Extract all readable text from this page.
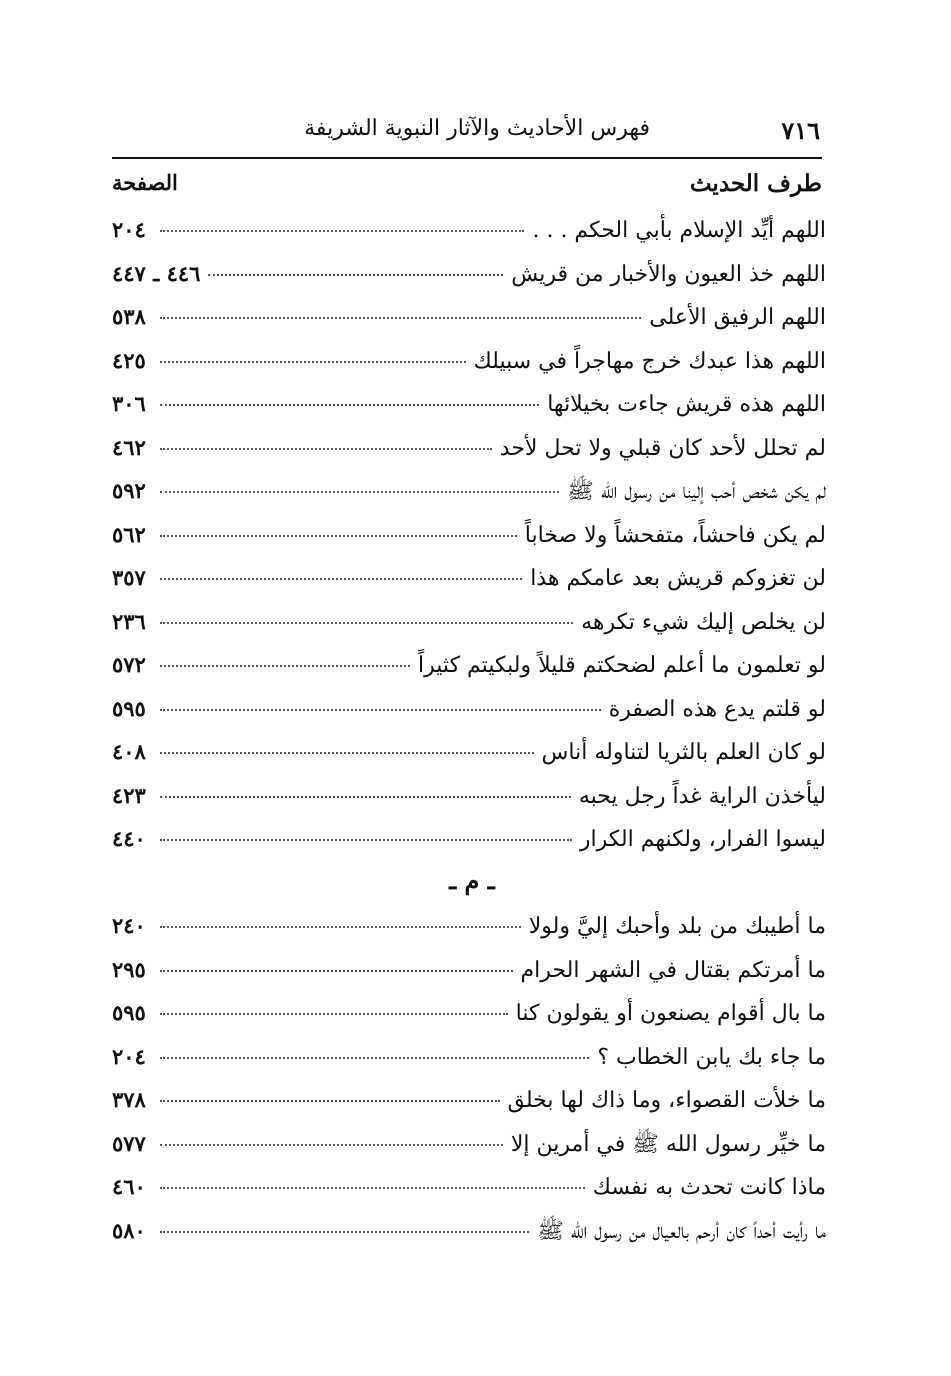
٧١٦
فهرس الأحاديث والآثار النبوية الشريفة
طرف الحديث
الصفحة
اللهم أيِّد الإسلام بأبي الحكم . . .
٢٠٤
اللهم خذ العيون والأخبار من قريش
٤٤٦ ـ ٤٤٧
اللهم الرفيق الأعلى
٥٣٨
اللهم هذا عبدك خرج مهاجراً في سبيلك
٤٢٥
اللهم هذه قريش جاءت بخيلائها
٣٠٦
لم تحلل لأحد كان قبلي ولا تحل لأحد
٤٦٢
لم يكن شخص أحب إلينا من رسول الله ﷺ
٥٩٢
لم يكن فاحشاً، متفحشاً ولا صخاباً
٥٦٢
لن تغزوكم قريش بعد عامكم هذا
٣٥٧
لن يخلص إليك شيء تكرهه
٢٣٦
لو تعلمون ما أعلم لضحكتم قليلاً ولبكيتم كثيراً
٥٧٢
لو قلتم يدع هذه الصفرة
٥٩٥
لو كان العلم بالثريا لتناوله أناس
٤٠٨
ليأخذن الراية غداً رجل يحبه
٤٢٣
ليسوا الفرار، ولكنهم الكرار
٤٤٠
ـ م ـ
ما أطيبك من بلد وأحبك إليَّ ولولا
٢٤٠
ما أمرتكم بقتال في الشهر الحرام
٢٩٥
ما بال أقوام يصنعون أو يقولون كنا
٥٩٥
ما جاء بك يابن الخطاب ؟
٢٠٤
ما خلأت القصواء، وما ذاك لها بخلق
٣٧٨
ما خيِّر رسول الله ﷺ في أمرين إلا
٥٧٧
ماذا كانت تحدث به نفسك
٤٦٠
ما رأيت أحداً كان أرحم بالعيال من رسول الله ﷺ
٥٨٠
